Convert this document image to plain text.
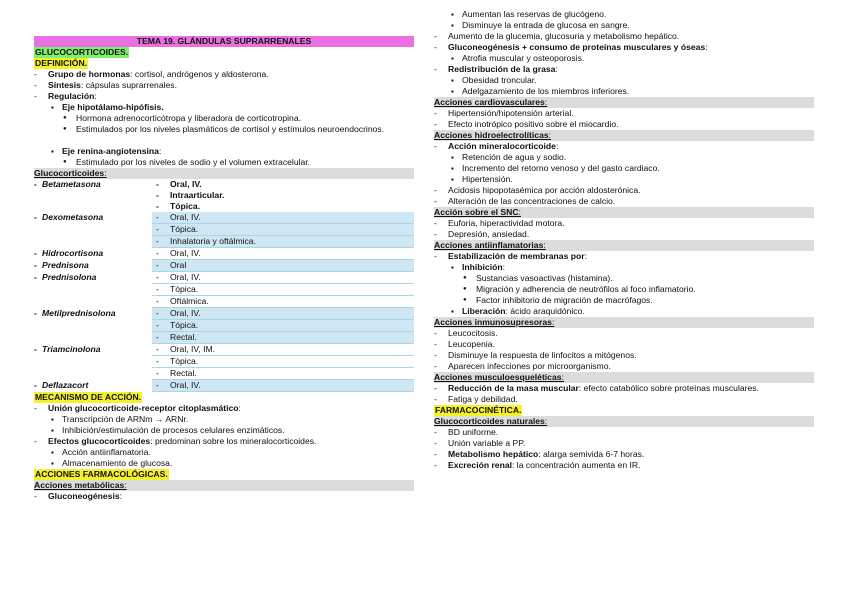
TEMA 19. GLÁNDULAS SUPRARRENALES
GLUCOCORTICOIDES.
DEFINICIÓN.
- Grupo de hormonas: cortisol, andrógenos y aldosterona.
- Síntesis: cápsulas suprarrenales.
- Regulación:
▪ Eje hipotálamo-hipófisis.
● Hormona adrenocorticótropa y liberadora de corticotropina.
● Estimulados por los niveles plasmáticos de cortisol y estímulos neuroendocrinos.
▪ Eje renina-angiotensina:
● Estimulado por los niveles de sodio y el volumen extracelular.
Glucocorticoides:
- Betametasona	- Oral, IV.
- Intraarticular.
- Tópica.

- Dexometasona	- Oral, IV.
- Tópica.
- Inhalatoria y oftálmica.

- Hidrocortisona	- Oral, IV.

- Prednisona	- Oral

- Prednisolona	- Oral, IV.
- Tópica.
- Oftálmica.

- Metilprednisolona	- Oral, IV.
- Tópica.
- Rectal.

- Triamcinolona	- Oral, IV, IM.
- Tópica.
- Rectal.

- Deflazacort	- Oral, IV.
MECANISMO DE ACCIÓN.
- Unión glucocorticoide-receptor citoplasmático:
▪ Transcripción de ARNm → ARNr.
▪ Inhibición/estimulación de procesos celulares enzimáticos.
- Efectos glucocorticoides: predominan sobre los mineralocorticoides.
▪ Acción antiinflamatoria.
▪ Almacenamiento de glucosa.
ACCIONES FARMACOLÓGICAS.
Acciones metabólicas:
- Gluconeogénesis:
▪ Aumentan las reservas de glucógeno.
▪ Disminuye la entrada de glucosa en sangre.
- Aumento de la glucemia, glucosuria y metabolismo hepático.
- Gluconeogénesis + consumo de proteínas musculares y óseas:
▪ Atrofia muscular y osteoporosis.
- Redistribución de la grasa:
▪ Obesidad troncular.
▪ Adelgazamiento de los miembros inferiores.
Acciones cardiovasculares:
- Hipertensión/hipotensión arterial.
- Efecto inotrópico positivo sobre el miocardio.
Acciones hidroelectrolíticas:
- Acción mineralocorticoide:
▪ Retención de agua y sodio.
▪ Incremento del retorno venoso y del gasto cardiaco.
▪ Hipertensión.
- Acidosis hipopotasémica por acción aldosterónica.
- Alteración de las concentraciones de calcio.
Acción sobre el SNC:
- Euforia, hiperactividad motora.
- Depresión, ansiedad.
Acciones antiinflamatorias:
- Estabilización de membranas por:
▪ Inhibición:
● Sustancias vasoactivas (histamina).
● Migración y adherencia de neutrófilos al foco inflamatorio.
● Factor inhibitorio de migración de macrófagos.
▪ Liberación: ácido araquidónico.
Acciones inmunosupresoras:
- Leucocitosis.
- Leucopenia.
- Disminuye la respuesta de linfocitos a mitógenos.
- Aparecen infecciones por microorganismo.
Acciones musculoesqueléticas:
- Reducción de la masa muscular: efecto catabólico sobre proteínas musculares.
- Fatiga y debilidad.
FARMACOCINÉTICA.
Glucocorticoides naturales:
- BD uniforme.
- Unión variable a PP.
- Metabolismo hepático: alarga semivida 6-7 horas.
- Excreción renal: la concentración aumenta en IR.
